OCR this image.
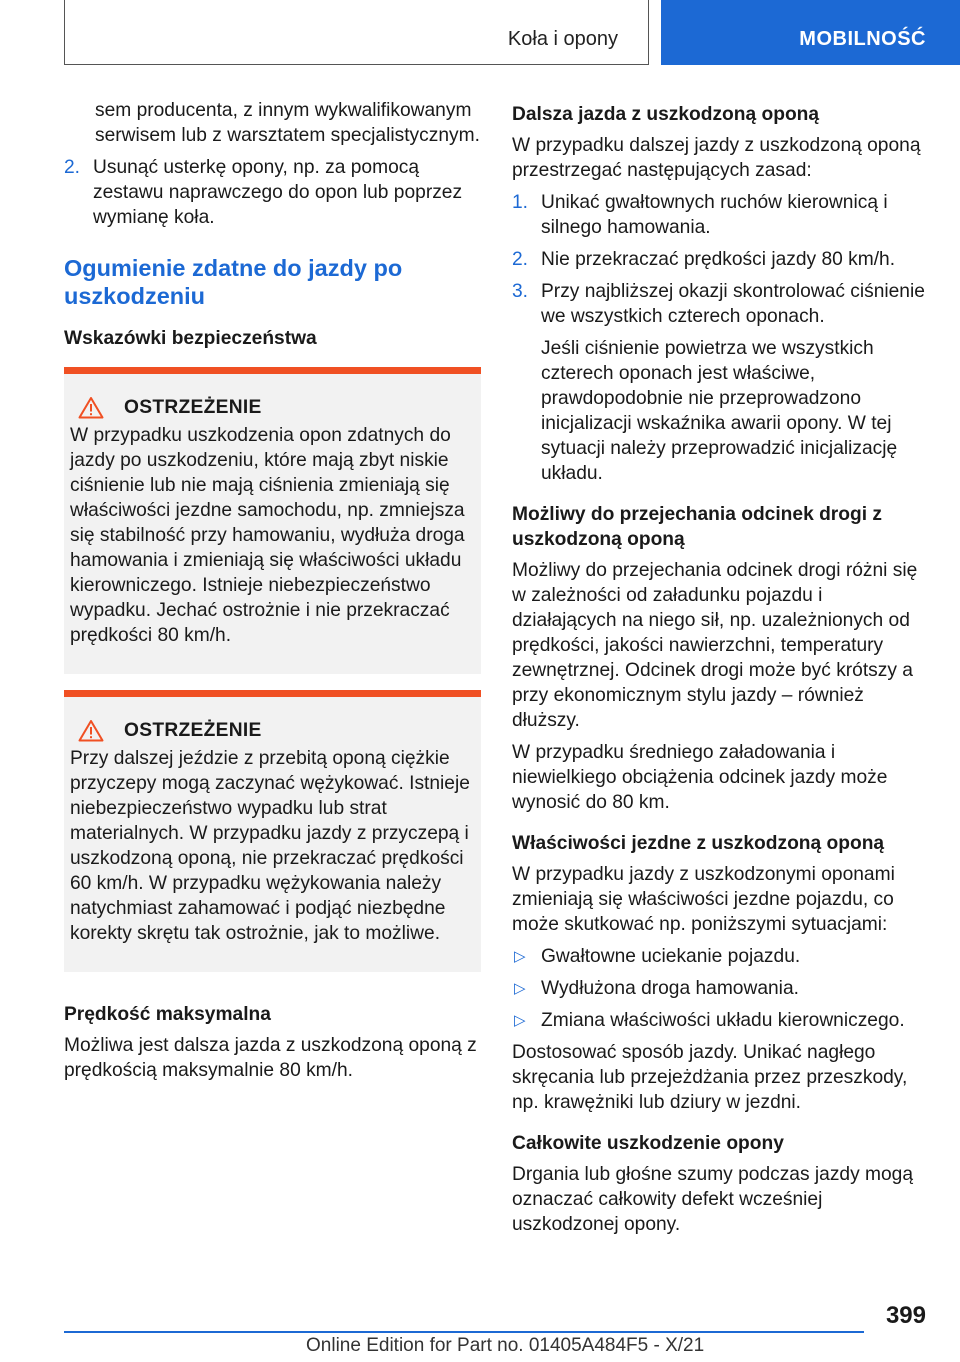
Koła i opony	MOBILNOŚĆ

sem producenta, z innym wykwalifikowanym serwisem lub z warsztatem specjalistycznym.

2. Usunąć usterkę opony, np. za pomocą zestawu naprawczego do opon lub poprzez wymianę koła.
Ogumienie zdatne do jazdy po uszkodzeniu
Wskazówki bezpieczeństwa
OSTRZEŻENIE

W przypadku uszkodzenia opon zdatnych do jazdy po uszkodzeniu, które mają zbyt niskie ciśnienie lub nie mają ciśnienia zmieniają się właściwości jezdne samochodu, np. zmniejsza się stabilność przy hamowaniu, wydłuża droga hamowania i zmieniają się właściwości układu kierowniczego. Istnieje niebezpieczeństwo wypadku. Jechać ostrożnie i nie przekraczać prędkości 80 km/h.

OSTRZEŻENIE

Przy dalszej jeździe z przebitą oponą ciężkie przyczepy mogą zaczynać wężykować. Istnieje niebezpieczeństwo wypadku lub strat materialnych. W przypadku jazdy z przyczepą i uszkodzoną oponą, nie przekraczać prędkości 60 km/h. W przypadku wężykowania należy natychmiast zahamować i podjąć niezbędne korekty skrętu tak ostrożnie, jak to możliwe.

Prędkość maksymalna

Możliwa jest dalsza jazda z uszkodzoną oponą z prędkością maksymalnie 80 km/h.

Dalsza jazda z uszkodzoną oponą

W przypadku dalszej jazdy z uszkodzoną oponą przestrzegać następujących zasad:

1. Unikać gwałtownych ruchów kierownicą i silnego hamowania.
2. Nie przekraczać prędkości jazdy 80 km/h.
3. Przy najbliższej okazji skontrolować ciśnienie we wszystkich czterech oponach.

Jeśli ciśnienie powietrza we wszystkich czterech oponach jest właściwe, prawdopodobnie nie przeprowadzono inicjalizacji wskaźnika awarii opony. W tej sytuacji należy przeprowadzić inicjalizację układu.

Możliwy do przejechania odcinek drogi z uszkodzoną oponą

Możliwy do przejechania odcinek drogi różni się w zależności od załadunku pojazdu i działających na niego sił, np. uzależnionych od prędkości, jakości nawierzchni, temperatury zewnętrznej. Odcinek drogi może być krótszy a przy ekonomicznym stylu jazdy – również dłuższy.

W przypadku średniego załadowania i niewielkiego obciążenia odcinek jazdy może wynosić do 80 km.

Właściwości jezdne z uszkodzoną oponą

W przypadku jazdy z uszkodzonymi oponami zmieniają się właściwości jezdne pojazdu, co może skutkować np. poniższymi sytuacjami:

▷ Gwałtowne uciekanie pojazdu.
▷ Wydłużona droga hamowania.
▷ Zmiana właściwości układu kierowniczego.

Dostosować sposób jazdy. Unikać nagłego skręcania lub przejeżdżania przez przeszkody, np. krawężniki lub dziury w jezdni.

Całkowite uszkodzenie opony

Drgania lub głośne szumy podczas jazdy mogą oznaczać całkowity defekt wcześniej uszkodzonej opony.

399
Online Edition for Part no. 01405A484F5 - X/21
